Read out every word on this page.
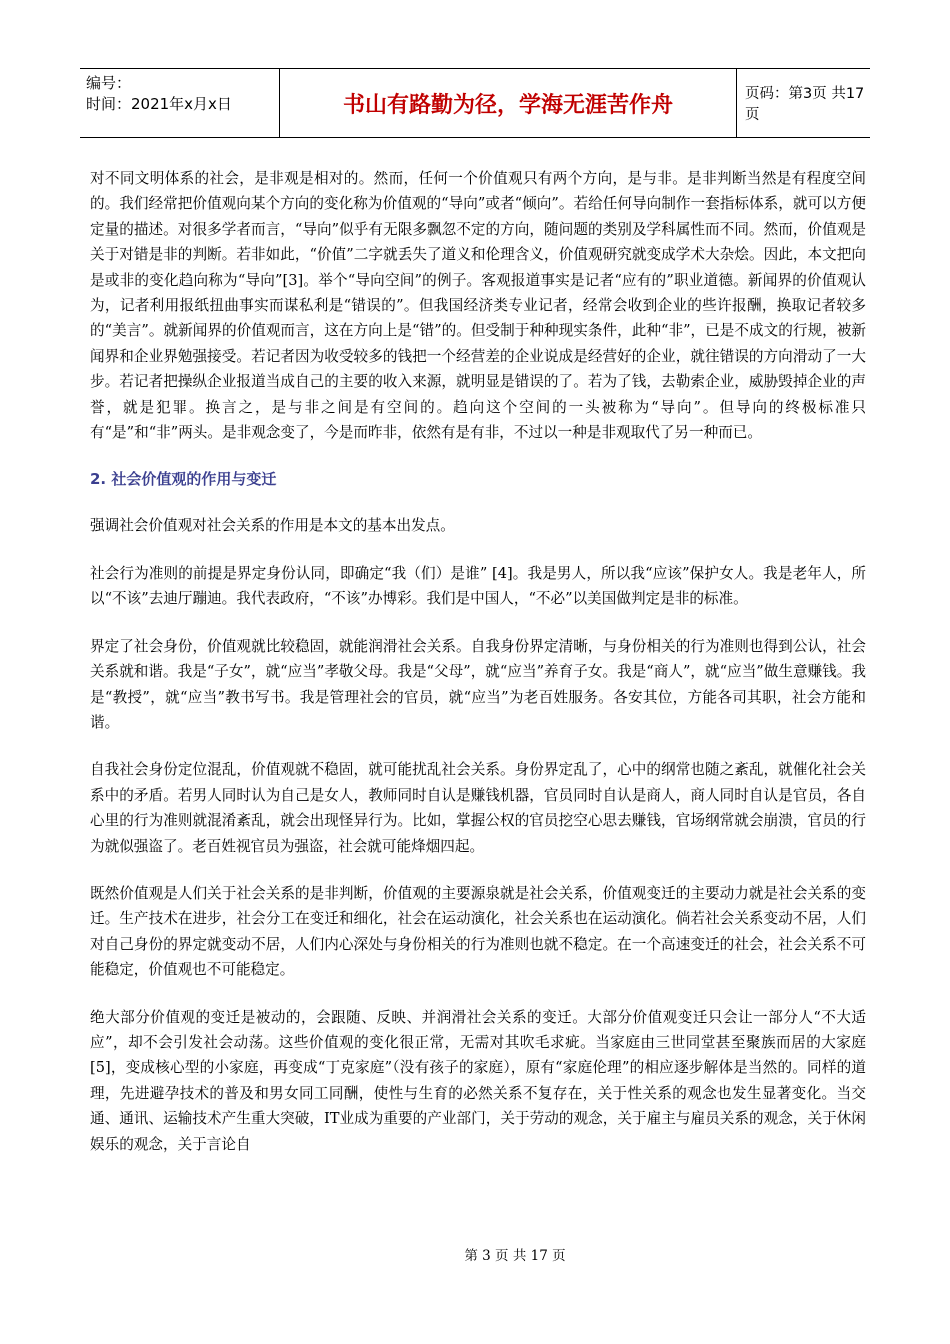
编号：
时间：2021年x月x日	书山有路勤为径，学海无涯苦作舟	页码：第3页 共17页

对不同文明体系的社会，是非观是相对的。然而，任何一个价值观只有两个方向，是与非。是非判断当然是有程度空间的。我们经常把价值观向某个方向的变化称为价值观的“导向”或者“倾向”。若给任何导向制作一套指标体系，就可以方便定量的描述。对很多学者而言，“导向”似乎有无限多飘忽不定的方向，随问题的类别及学科属性而不同。然而，价值观是关于对错是非的判断。若非如此，“价值”二字就丢失了道义和伦理含义，价值观研究就变成学术大杂烩。因此，本文把向是或非的变化趋向称为“导向”[3]。举个“导向空间”的例子。客观报道事实是记者“应有的”职业道德。新闻界的价值观认为，记者利用报纸扭曲事实而谋私利是“错误的”。但我国经济类专业记者，经常会收到企业的些许报酬，换取记者较多的“美言”。就新闻界的价值观而言，这在方向上是“错”的。但受制于种种现实条件，此种“非”，已是不成文的行规，被新闻界和企业界勉强接受。若记者因为收受较多的钱把一个经营差的企业说成是经营好的企业，就往错误的方向滑动了一大步。若记者把操纵企业报道当成自己的主要的收入来源，就明显是错误的了。若为了钱，去勒索企业，威胁毁掉企业的声誉，就是犯罪。换言之，是与非之间是有空间的。趋向这个空间的一头被称为“导向”。但导向的终极标准只有“是”和“非”两头。是非观念变了，今是而昨非，依然有是有非，不过以一种是非观取代了另一种而已。

2. 社会价值观的作用与变迁

强调社会价值观对社会关系的作用是本文的基本出发点。

社会行为准则的前提是界定身份认同，即确定“我（们）是谁” [4]。我是男人，所以我“应该”保护女人。我是老年人，所以“不该”去迪厅蹦迪。我代表政府，“不该”办博彩。我们是中国人，“不必”以美国做判定是非的标准。

界定了社会身份，价值观就比较稳固，就能润滑社会关系。自我身份界定清晰，与身份相关的行为准则也得到公认，社会关系就和谐。我是“子女”，就“应当”孝敬父母。我是“父母”，就“应当”养育子女。我是“商人”，就“应当”做生意赚钱。我是“教授”，就“应当”教书写书。我是管理社会的官员，就“应当”为老百姓服务。各安其位，方能各司其职，社会方能和谐。

自我社会身份定位混乱，价值观就不稳固，就可能扰乱社会关系。身份界定乱了，心中的纲常也随之紊乱，就催化社会关系中的矛盾。若男人同时认为自己是女人，教师同时自认是赚钱机器，官员同时自认是商人，商人同时自认是官员，各自心里的行为准则就混淆紊乱，就会出现怪异行为。比如，掌握公权的官员挖空心思去赚钱，官场纲常就会崩溃，官员的行为就似强盗了。老百姓视官员为强盗，社会就可能烽烟四起。

既然价值观是人们关于社会关系的是非判断，价值观的主要源泉就是社会关系，价值观变迁的主要动力就是社会关系的变迁。生产技术在进步，社会分工在变迁和细化，社会在运动演化，社会关系也在运动演化。倘若社会关系变动不居，人们对自己身份的界定就变动不居，人们内心深处与身份相关的行为准则也就不稳定。在一个高速变迁的社会，社会关系不可能稳定，价值观也不可能稳定。

绝大部分价值观的变迁是被动的，会跟随、反映、并润滑社会关系的变迁。大部分价值观变迁只会让一部分人“不大适应”，却不会引发社会动荡。这些价值观的变化很正常，无需对其吹毛求疵。当家庭由三世同堂甚至聚族而居的大家庭[5]，变成核心型的小家庭，再变成“丁克家庭”（没有孩子的家庭），原有“家庭伦理”的相应逐步解体是当然的。同样的道理，先进避孕技术的普及和男女同工同酬，使性与生育的必然关系不复存在，关于性关系的观念也发生显著变化。当交通、通讯、运输技术产生重大突破，IT业成为重要的产业部门，关于劳动的观念，关于雇主与雇员关系的观念，关于休闲娱乐的观念，关于言论自

第 3 页 共 17 页
